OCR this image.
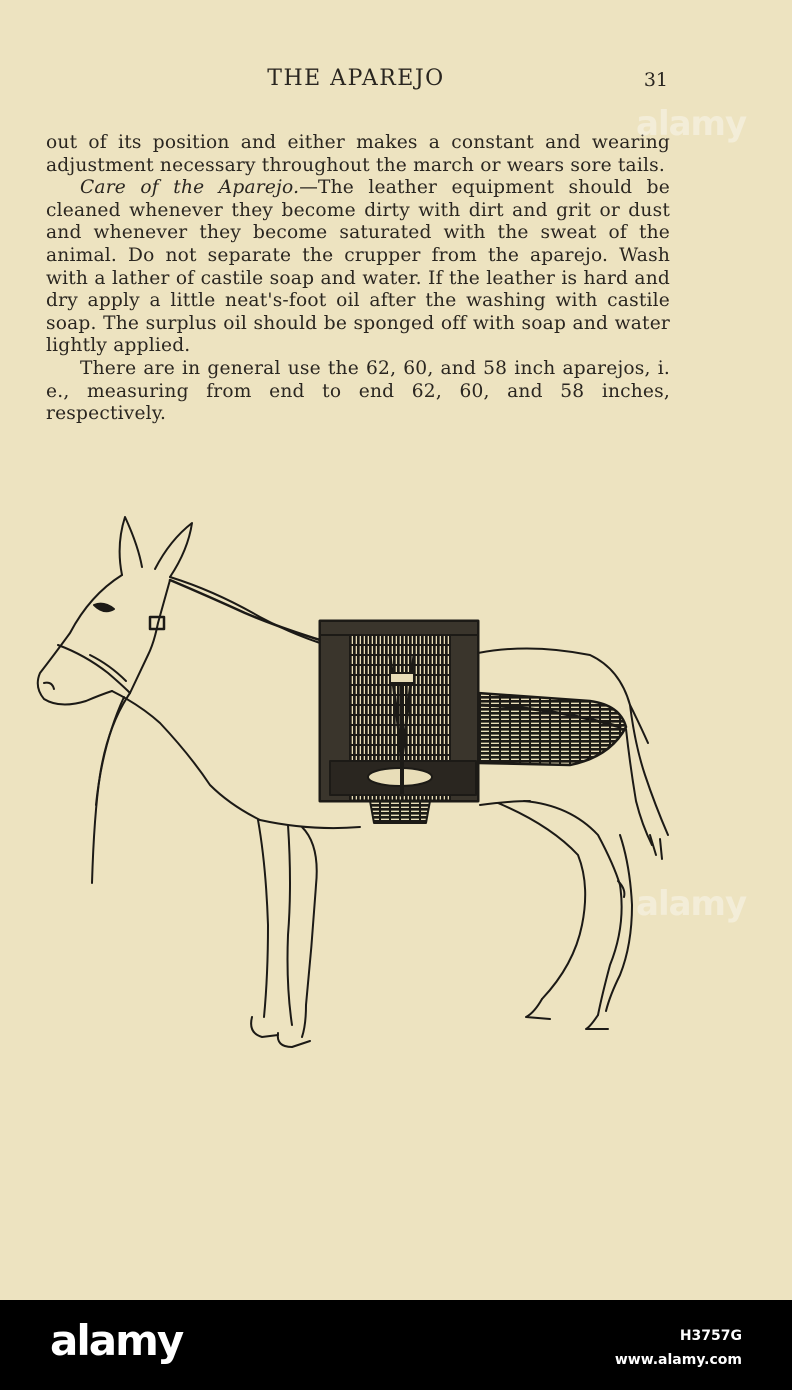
THE APAREJO	31

out of its position and either makes a constant and wearing adjustment necessary throughout the march or wears sore tails.

Care of the Aparejo.—The leather equipment should be cleaned whenever they become dirty with dirt and grit or dust and whenever they become saturated with the sweat of the animal. Do not separate the crupper from the aparejo. Wash with a lather of castile soap and water. If the leather is hard and dry apply a little neat's-foot oil after the washing with castile soap. The surplus oil should be sponged off with soap and water lightly applied.

There are in general use the 62, 60, and 58 inch aparejos, i. e., measuring from end to end 62, 60, and 58 inches, respectively.

alamy
alamy
alamy	H3757G
www.alamy.com
